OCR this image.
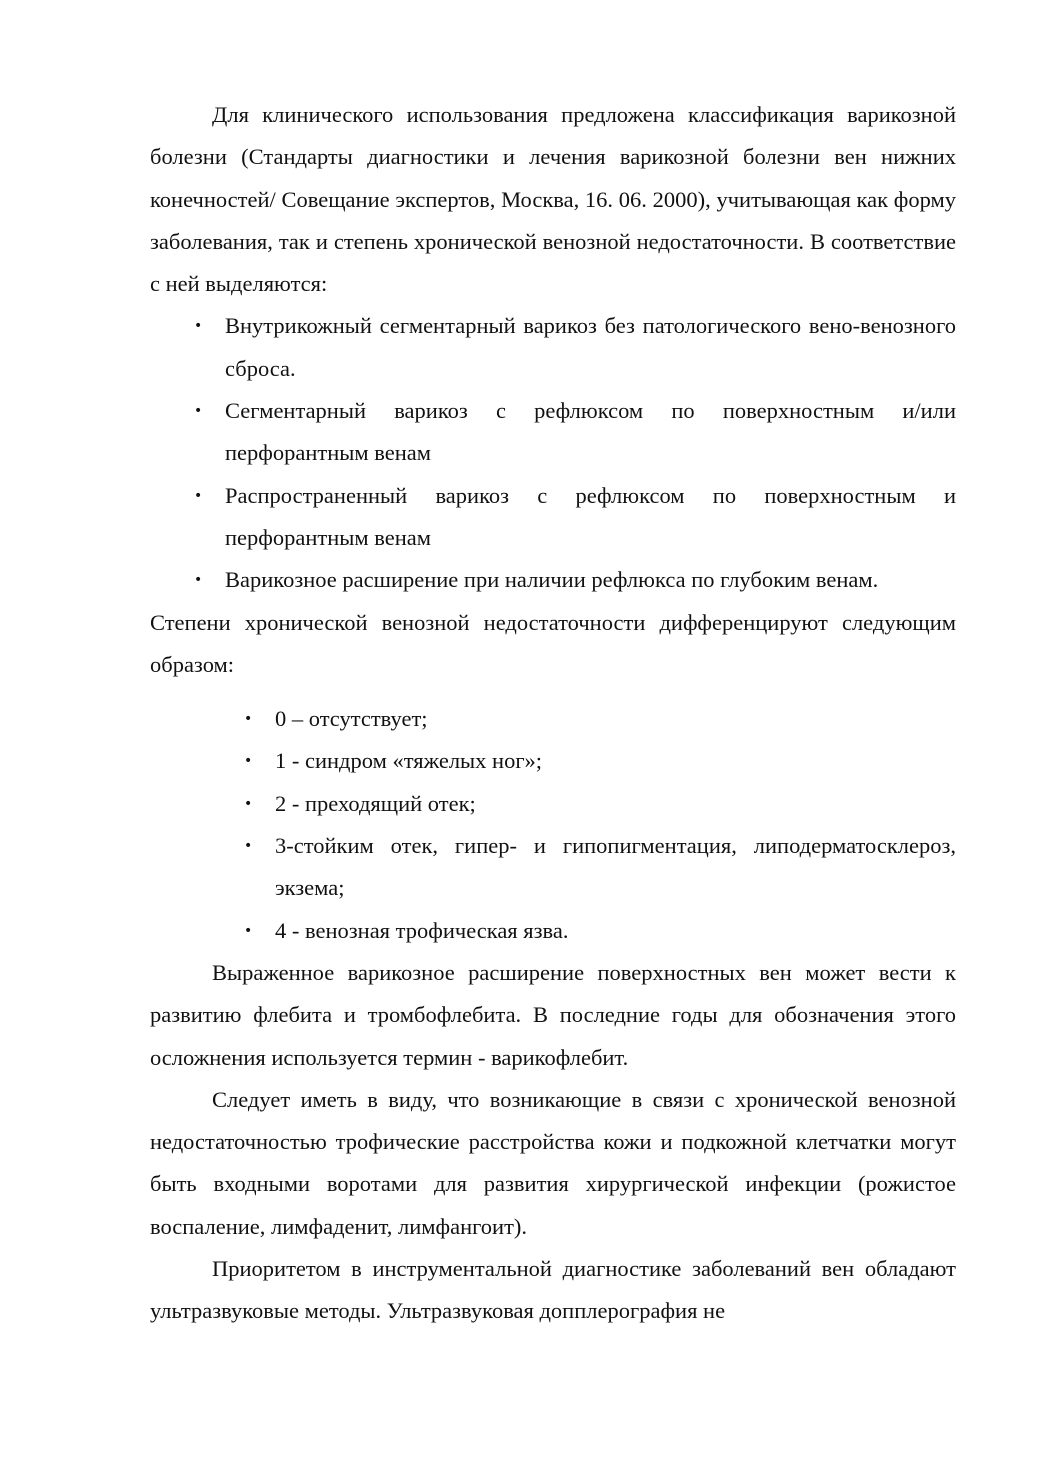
Для клинического использования предложена классификация варикозной болезни (Стандарты диагностики и лечения варикозной болезни вен нижних конечностей/ Совещание экспертов, Москва, 16. 06. 2000), учитывающая как форму заболевания, так и степень хронической венозной недостаточности. В соответствие с ней выделяются:

• Внутрикожный сегментарный варикоз без патологического вено-венозного сброса.
• Сегментарный варикоз с рефлюксом по поверхностным и/или перфорантным венам
• Распространенный варикоз с рефлюксом по поверхностным и перфорантным венам
• Варикозное расширение при наличии рефлюкса по глубоким венам.

Степени хронической венозной недостаточности дифференцируют следующим образом:

• 0 – отсутствует;
• 1 - синдром «тяжелых ног»;
• 2 - преходящий отек;
• 3-стойким отек, гипер- и гипопигментация, липодерматосклероз, экзема;
• 4 - венозная трофическая язва.

Выраженное варикозное расширение поверхностных вен может вести к развитию флебита и тромбофлебита. В последние годы для обозначения этого осложнения используется термин - варикофлебит.

Следует иметь в виду, что возникающие в связи с хронической венозной недостаточностью трофические расстройства кожи и подкожной клетчатки могут быть входными воротами для развития хирургической инфекции (рожистое воспаление, лимфаденит, лимфангоит).

Приоритетом в инструментальной диагностике заболеваний вен обладают ультразвуковые методы. Ультразвуковая допплерография не
